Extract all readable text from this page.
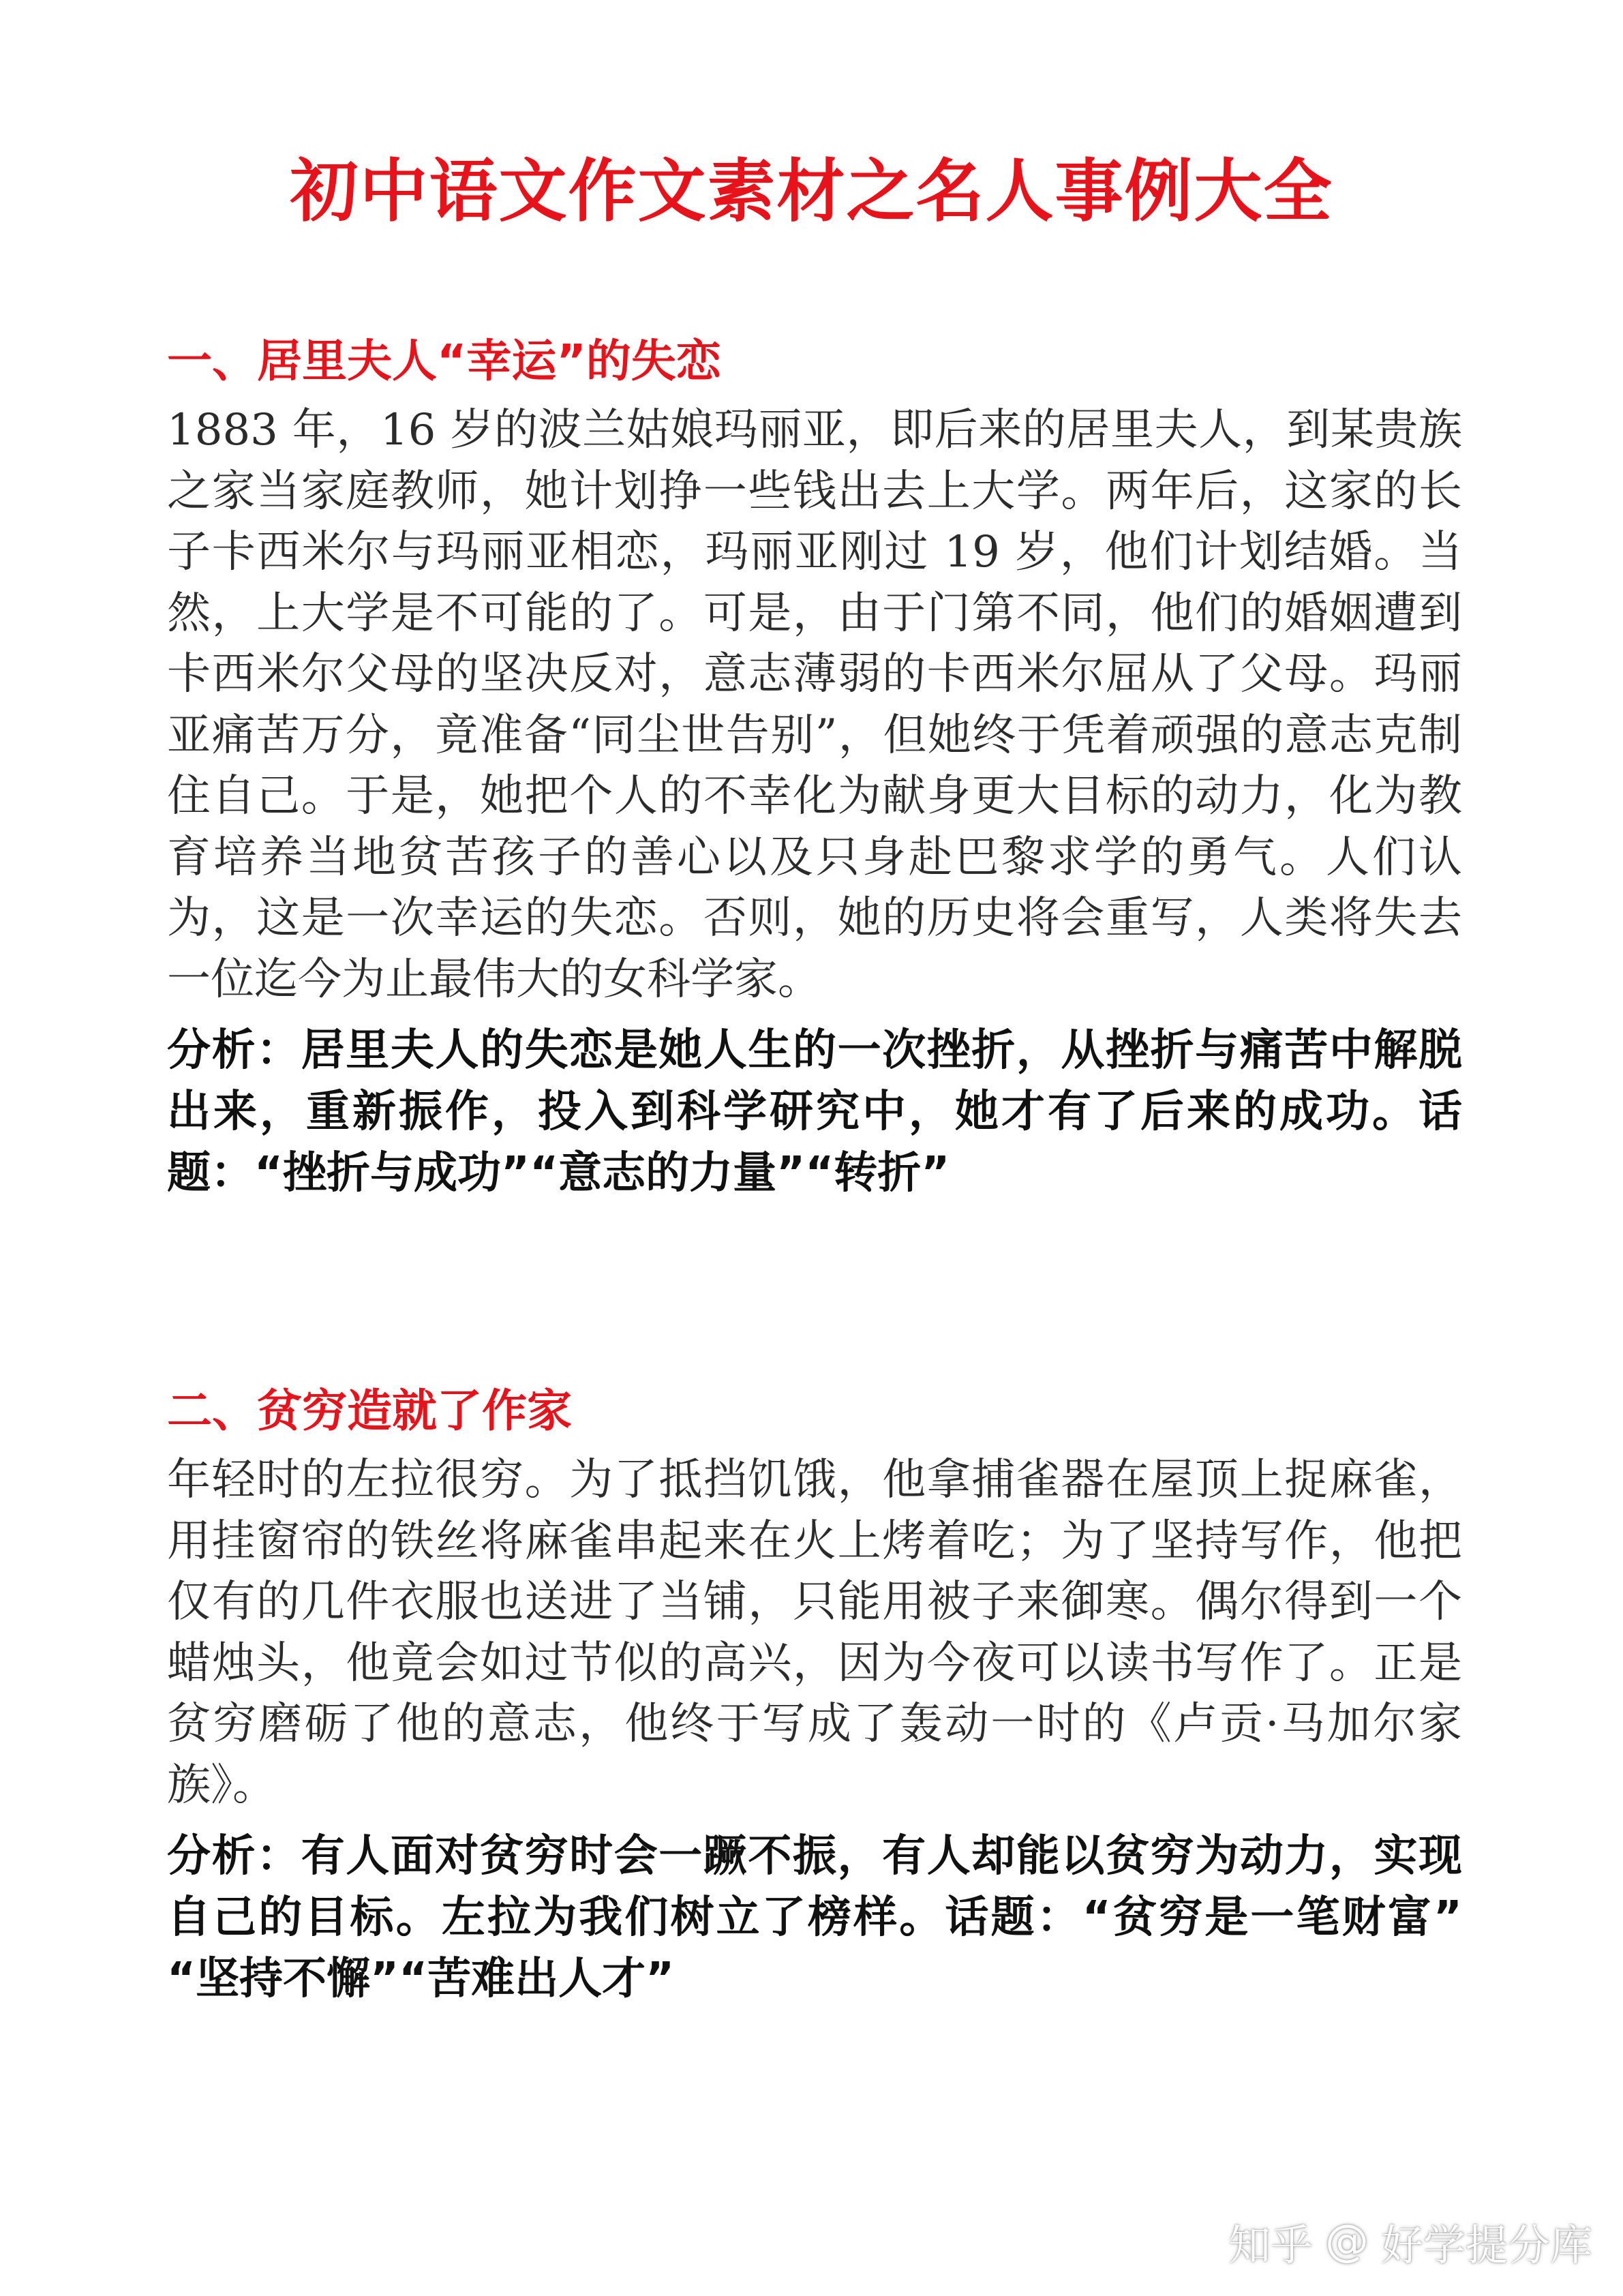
初中语文作文素材之名人事例大全
一、居里夫人“幸运”的失恋

1883 年，16 岁的波兰姑娘玛丽亚，即后来的居里夫人，到某贵族之家当家庭教师，她计划挣一些钱出去上大学。两年后，这家的长子卡西米尔与玛丽亚相恋，玛丽亚刚过 19 岁，他们计划结婚。当然，上大学是不可能的了。可是，由于门第不同，他们的婚姻遭到卡西米尔父母的坚决反对，意志薄弱的卡西米尔屈从了父母。玛丽亚痛苦万分，竟准备“同尘世告别”，但她终于凭着顽强的意志克制住自己。于是，她把个人的不幸化为献身更大目标的动力，化为教育培养当地贫苦孩子的善心以及只身赴巴黎求学的勇气。人们认为，这是一次幸运的失恋。否则，她的历史将会重写，人类将失去一位迄今为止最伟大的女科学家。

分析：居里夫人的失恋是她人生的一次挫折，从挫折与痛苦中解脱出来，重新振作，投入到科学研究中，她才有了后来的成功。话题：“挫折与成功”“意志的力量”“转折”

二、贫穷造就了作家

年轻时的左拉很穷。为了抵挡饥饿，他拿捕雀器在屋顶上捉麻雀， 用挂窗帘的铁丝将麻雀串起来在火上烤着吃；为了坚持写作，他把仅有的几件衣服也送进了当铺，只能用被子来御寒。偶尔得到一个蜡烛头，他竟会如过节似的高兴，因为今夜可以读书写作了。正是贫穷磨砺了他的意志，他终于写成了轰动一时的《卢贡·马加尔家族》。

分析：有人面对贫穷时会一蹶不振，有人却能以贫穷为动力，实现自己的目标。左拉为我们树立了榜样。话题：“贫穷是一笔财富” “坚持不懈”“苦难出人才”

知乎 @ 好学提分库
